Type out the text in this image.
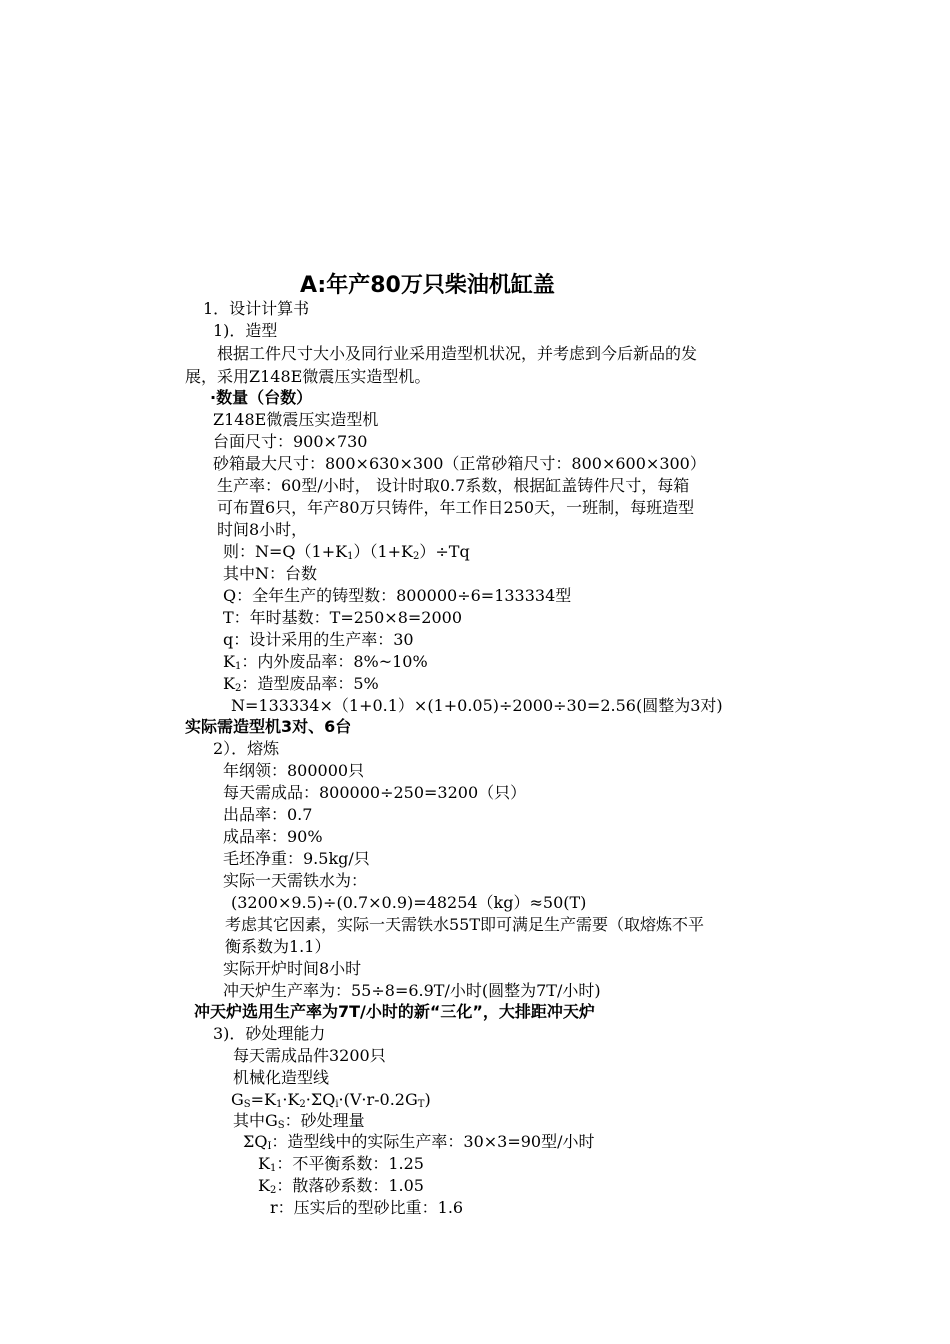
A:年产80万只柴油机缸盖
1．设计计算书
1)．造型
根据工件尺寸大小及同行业采用造型机状况，并考虑到今后新品的发
展，采用Z148E微震压实造型机。
·数量（台数）
Z148E微震压实造型机
台面尺寸：900×730
砂箱最大尺寸：800×630×300（正常砂箱尺寸：800×600×300）
生产率：60型/小时， 设计时取0.7系数，根据缸盖铸件尺寸，每箱
可布置6只，年产80万只铸件，年工作日250天，一班制，每班造型
时间8小时，
则：$N=Q(1+K_1)(1+K_2)\div Tq$
其中N：台数
Q：全年生产的铸型数：800000÷6=133334型
T：年时基数：T=250×8=2000
q：设计采用的生产率：30
$K_1$：内外废品率：8%~10%
$K_2$：造型废品率：5%
N=133334×（1+0.1）×(1+0.05)÷2000÷30=2.56(圆整为3对)
实际需造型机3对、6台
2）．熔炼
年纲领：800000只
每天需成品：800000÷250=3200（只）
出品率：0.7
成品率：90%
毛坯净重：9.5kg/只
实际一天需铁水为：
(3200×9.5)÷(0.7×0.9)=48254（kg）≈50(T)
考虑其它因素，实际一天需铁水55T即可满足生产需要（取熔炼不平
衡系数为1.1）
实际开炉时间8小时
冲天炉生产率为：55÷8=6.9T/小时(圆整为7T/小时)
冲天炉选用生产率为7T/小时的新“三化”，大排距冲天炉
3)．砂处理能力
每天需成品件3200只
机械化造型线
$G_S=K_1\cdot K_2\cdot\Sigma Q_i\cdot(V\cdot r-0.2G_T)$
其中$G_S$：砂处理量
$\Sigma Q_I$：造型线中的实际生产率：30×3=90型/小时
$K_1$：不平衡系数：1.25
$K_2$：散落砂系数：1.05
r：压实后的型砂比重：1.6
